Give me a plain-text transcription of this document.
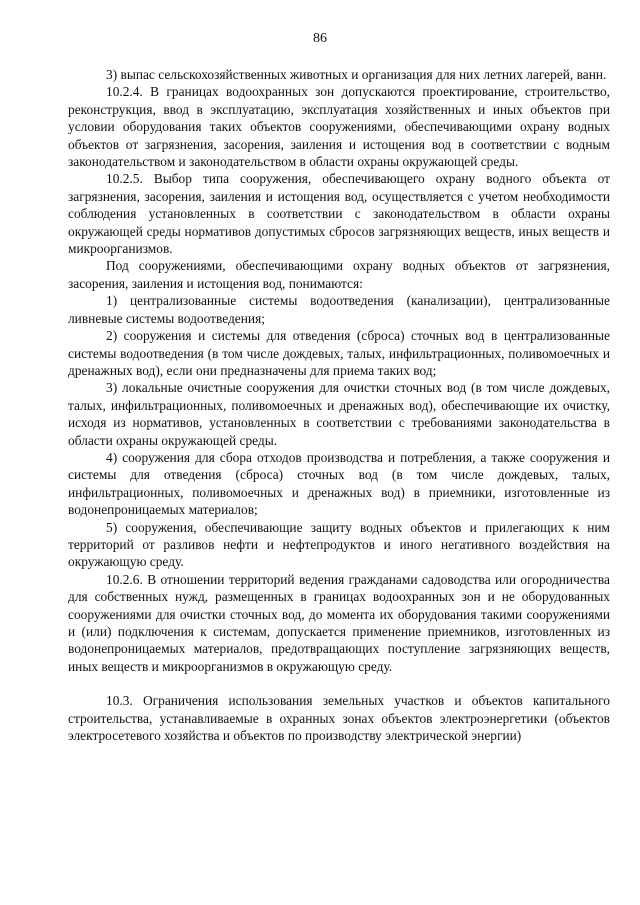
86

3) выпас сельскохозяйственных животных и организация для них летних лагерей, ванн.

10.2.4. В границах водоохранных зон допускаются проектирование, строительство, реконструкция, ввод в эксплуатацию, эксплуатация хозяйственных и иных объектов при условии оборудования таких объектов сооружениями, обеспечивающими охрану водных объектов от загрязнения, засорения, заиления и истощения вод в соответствии с водным законодательством и законодательством в области охраны окружающей среды.

10.2.5. Выбор типа сооружения, обеспечивающего охрану водного объекта от загрязнения, засорения, заиления и истощения вод, осуществляется с учетом необходимости соблюдения установленных в соответствии с законодательством в области охраны окружающей среды нормативов допустимых сбросов загрязняющих веществ, иных веществ и микроорганизмов.

Под сооружениями, обеспечивающими охрану водных объектов от загрязнения, засорения, заиления и истощения вод, понимаются:

1) централизованные системы водоотведения (канализации), централизованные ливневые системы водоотведения;

2) сооружения и системы для отведения (сброса) сточных вод в централизованные системы водоотведения (в том числе дождевых, талых, инфильтрационных, поливомоечных и дренажных вод), если они предназначены для приема таких вод;

3) локальные очистные сооружения для очистки сточных вод (в том числе дождевых, талых, инфильтрационных, поливомоечных и дренажных вод), обеспечивающие их очистку, исходя из нормативов, установленных в соответствии с требованиями законодательства в области охраны окружающей среды.

4) сооружения для сбора отходов производства и потребления, а также сооружения и системы для отведения (сброса) сточных вод (в том числе дождевых, талых, инфильтрационных, поливомоечных и дренажных вод) в приемники, изготовленные из водонепроницаемых материалов;

5) сооружения, обеспечивающие защиту водных объектов и прилегающих к ним территорий от разливов нефти и нефтепродуктов и иного негативного воздействия на окружающую среду.

10.2.6. В отношении территорий ведения гражданами садоводства или огородничества для собственных нужд, размещенных в границах водоохранных зон и не оборудованных сооружениями для очистки сточных вод, до момента их оборудования такими сооружениями и (или) подключения к системам, допускается применение приемников, изготовленных из водонепроницаемых материалов, предотвращающих поступление загрязняющих веществ, иных веществ и микроорганизмов в окружающую среду.

10.3. Ограничения использования земельных участков и объектов капитального строительства, устанавливаемые в охранных зонах объектов электроэнергетики (объектов электросетевого хозяйства и объектов по производству электрической энергии)
